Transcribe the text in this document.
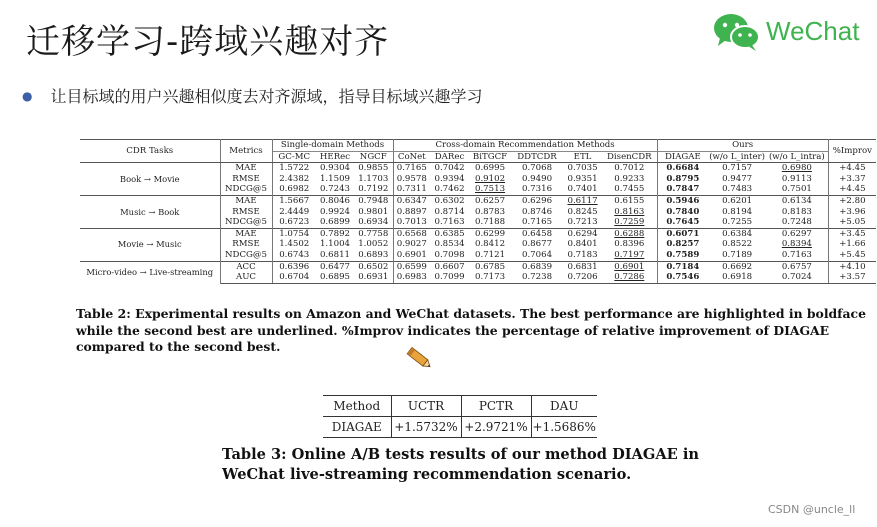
迁移学习-跨域兴趣对齐	WeChat
● 让目标域的用户兴趣相似度去对齐源域，指导目标域兴趣学习
CDR Tasks	Metrics	Single-domain Methods			Cross-domain Recommendation Methods						Ours			%Improv
		GC-MC	HERec	NGCF	CoNet	DARec	BiTGCF	DDTCDR	ETL	DisenCDR	DIAGAE	(w/o L_inter)	(w/o L_intra)	
Book → Movie	MAE	1.5722	0.9304	0.9855	0.7165	0.7042	0.6995	0.7068	0.7035	0.7012	0.6684	0.7157	0.6980	+4.45
	RMSE	2.4382	1.1509	1.1703	0.9578	0.9394	0.9102	0.9490	0.9351	0.9233	0.8795	0.9477	0.9113	+3.37
	NDCG@5	0.6982	0.7243	0.7192	0.7311	0.7462	0.7513	0.7316	0.7401	0.7455	0.7847	0.7483	0.7501	+4.45
Music → Book	MAE	1.5667	0.8046	0.7948	0.6347	0.6302	0.6257	0.6296	0.6117	0.6155	0.5946	0.6201	0.6134	+2.80
	RMSE	2.4449	0.9924	0.9801	0.8897	0.8714	0.8783	0.8746	0.8245	0.8163	0.7840	0.8194	0.8183	+3.96
	NDCG@5	0.6723	0.6899	0.6934	0.7013	0.7163	0.7188	0.7165	0.7213	0.7259	0.7645	0.7255	0.7248	+5.05
Movie → Music	MAE	1.0754	0.7892	0.7758	0.6568	0.6385	0.6299	0.6458	0.6294	0.6288	0.6071	0.6384	0.6297	+3.45
	RMSE	1.4502	1.1004	1.0052	0.9027	0.8534	0.8412	0.8677	0.8401	0.8396	0.8257	0.8522	0.8394	+1.66
	NDCG@5	0.6743	0.6811	0.6893	0.6901	0.7098	0.7121	0.7064	0.7183	0.7197	0.7589	0.7189	0.7163	+5.45
Micro-video → Live-streaming	ACC	0.6396	0.6477	0.6502	0.6599	0.6607	0.6785	0.6839	0.6831	0.6901	0.7184	0.6692	0.6757	+4.10
	AUC	0.6704	0.6895	0.6931	0.6983	0.7099	0.7173	0.7238	0.7206	0.7286	0.7546	0.6918	0.7024	+3.57
Table 2: Experimental results on Amazon and WeChat datasets. The best performance are highlighted in boldface while the second best are underlined. %Improv indicates the percentage of relative improvement of DIAGAE compared to the second best.
Method	UCTR	PCTR	DAU
DIAGAE	+1.5732%	+2.9721%	+1.5686%
Table 3: Online A/B tests results of our method DIAGAE in WeChat live-streaming recommendation scenario.
CSDN @uncle_ll
